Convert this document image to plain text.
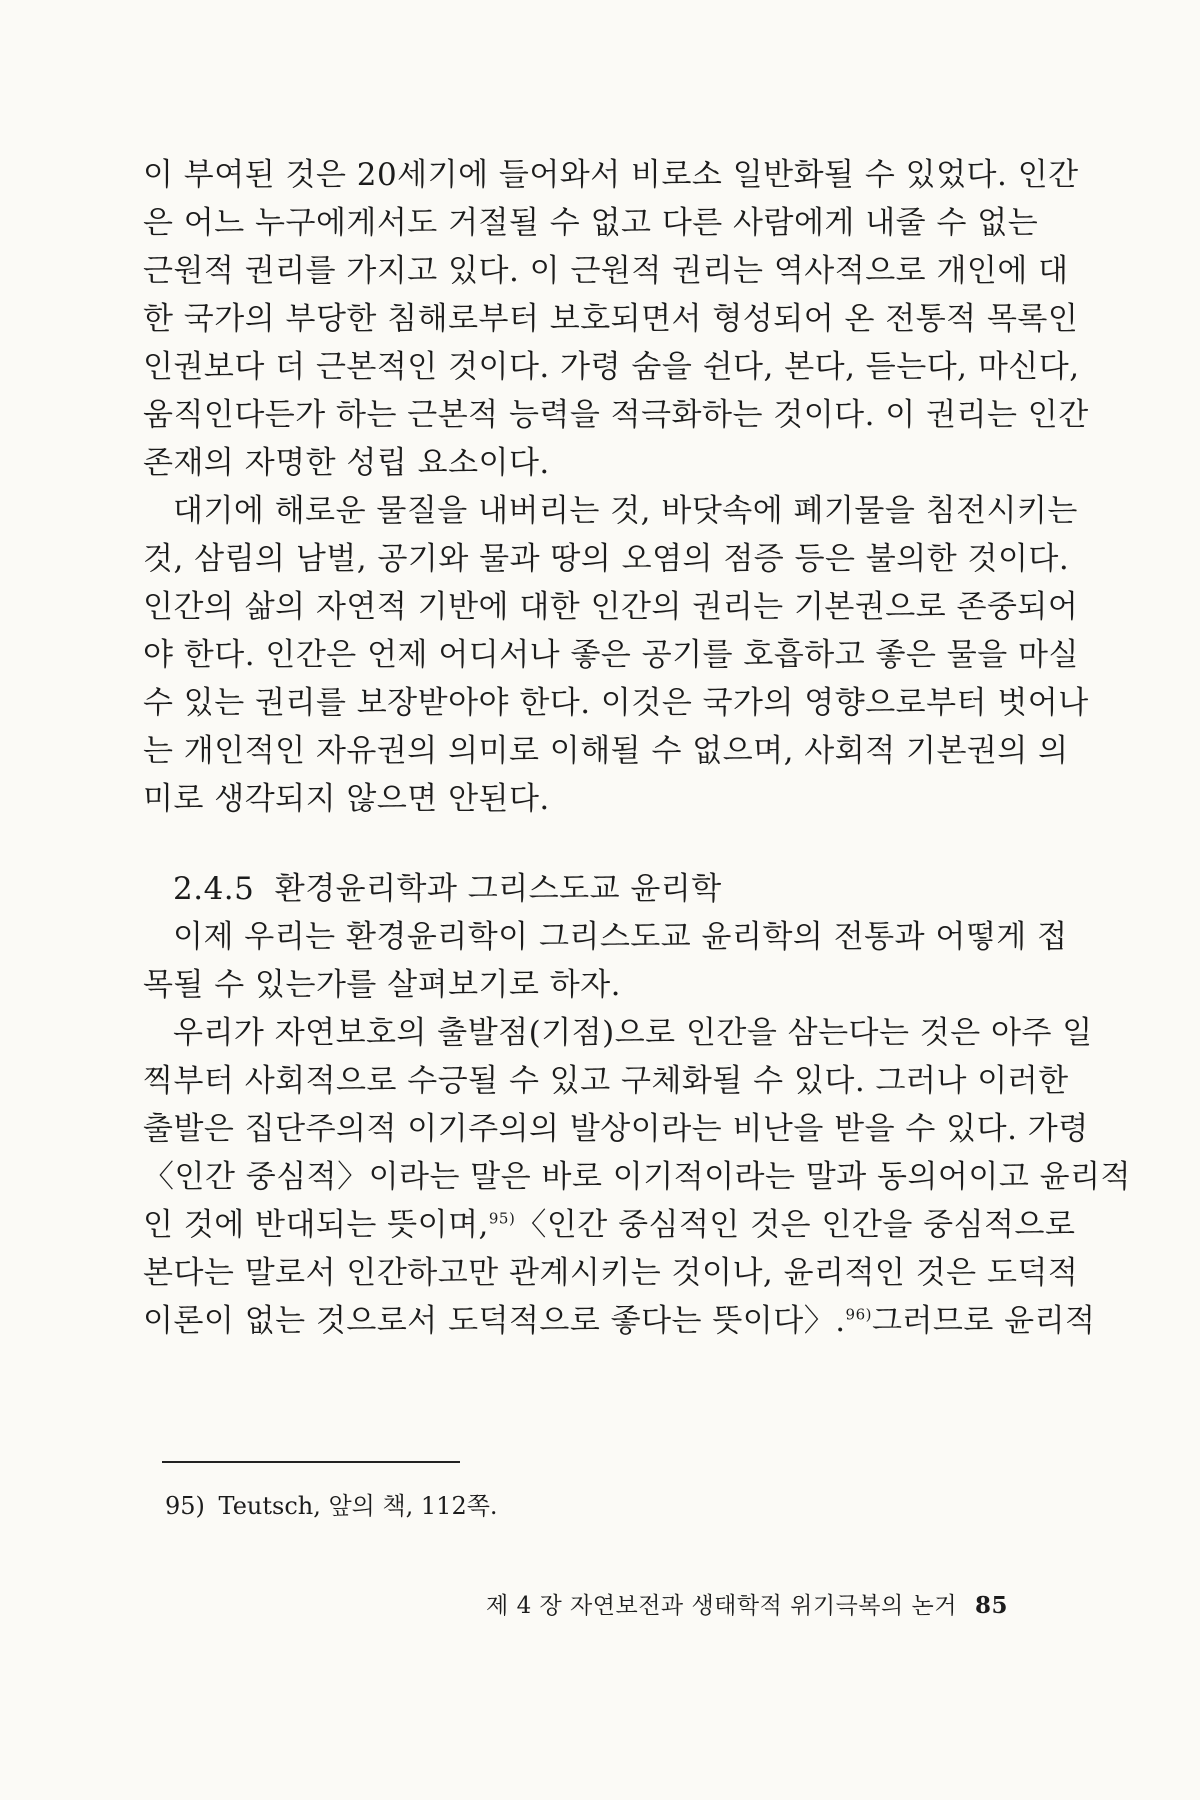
이 부여된 것은 20세기에 들어와서 비로소 일반화될 수 있었다. 인간
은 어느 누구에게서도 거절될 수 없고 다른 사람에게 내줄 수 없는
근원적 권리를 가지고 있다. 이 근원적 권리는 역사적으로 개인에 대
한 국가의 부당한 침해로부터 보호되면서 형성되어 온 전통적 목록인
인권보다 더 근본적인 것이다. 가령 숨을 쉰다, 본다, 듣는다, 마신다,
움직인다든가 하는 근본적 능력을 적극화하는 것이다. 이 권리는 인간
존재의 자명한 성립 요소이다.
대기에 해로운 물질을 내버리는 것, 바닷속에 폐기물을 침전시키는
것, 삼림의 남벌, 공기와 물과 땅의 오염의 점증 등은 불의한 것이다.
인간의 삶의 자연적 기반에 대한 인간의 권리는 기본권으로 존중되어
야 한다. 인간은 언제 어디서나 좋은 공기를 호흡하고 좋은 물을 마실
수 있는 권리를 보장받아야 한다. 이것은 국가의 영향으로부터 벗어나
는 개인적인 자유권의 의미로 이해될 수 없으며, 사회적 기본권의 의
미로 생각되지 않으면 안된다.
2.4.5 환경윤리학과 그리스도교 윤리학
이제 우리는 환경윤리학이 그리스도교 윤리학의 전통과 어떻게 접
목될 수 있는가를 살펴보기로 하자.
우리가 자연보호의 출발점(기점)으로 인간을 삼는다는 것은 아주 일
찍부터 사회적으로 수긍될 수 있고 구체화될 수 있다. 그러나 이러한
출발은 집단주의적 이기주의의 발상이라는 비난을 받을 수 있다. 가령
〈인간 중심적〉이라는 말은 바로 이기적이라는 말과 동의어이고 윤리적
인 것에 반대되는 뜻이며,$^{95)}$ 〈인간 중심적인 것은 인간을 중심적으로
본다는 말로서 인간하고만 관계시키는 것이나, 윤리적인 것은 도덕적
이론이 없는 것으로서 도덕적으로 좋다는 뜻이다〉.$^{96)}$ 그러므로 윤리적
95) Teutsch, 앞의 책, 112쪽.
제 4 장 자연보전과 생태학적 위기극복의 논거 85
